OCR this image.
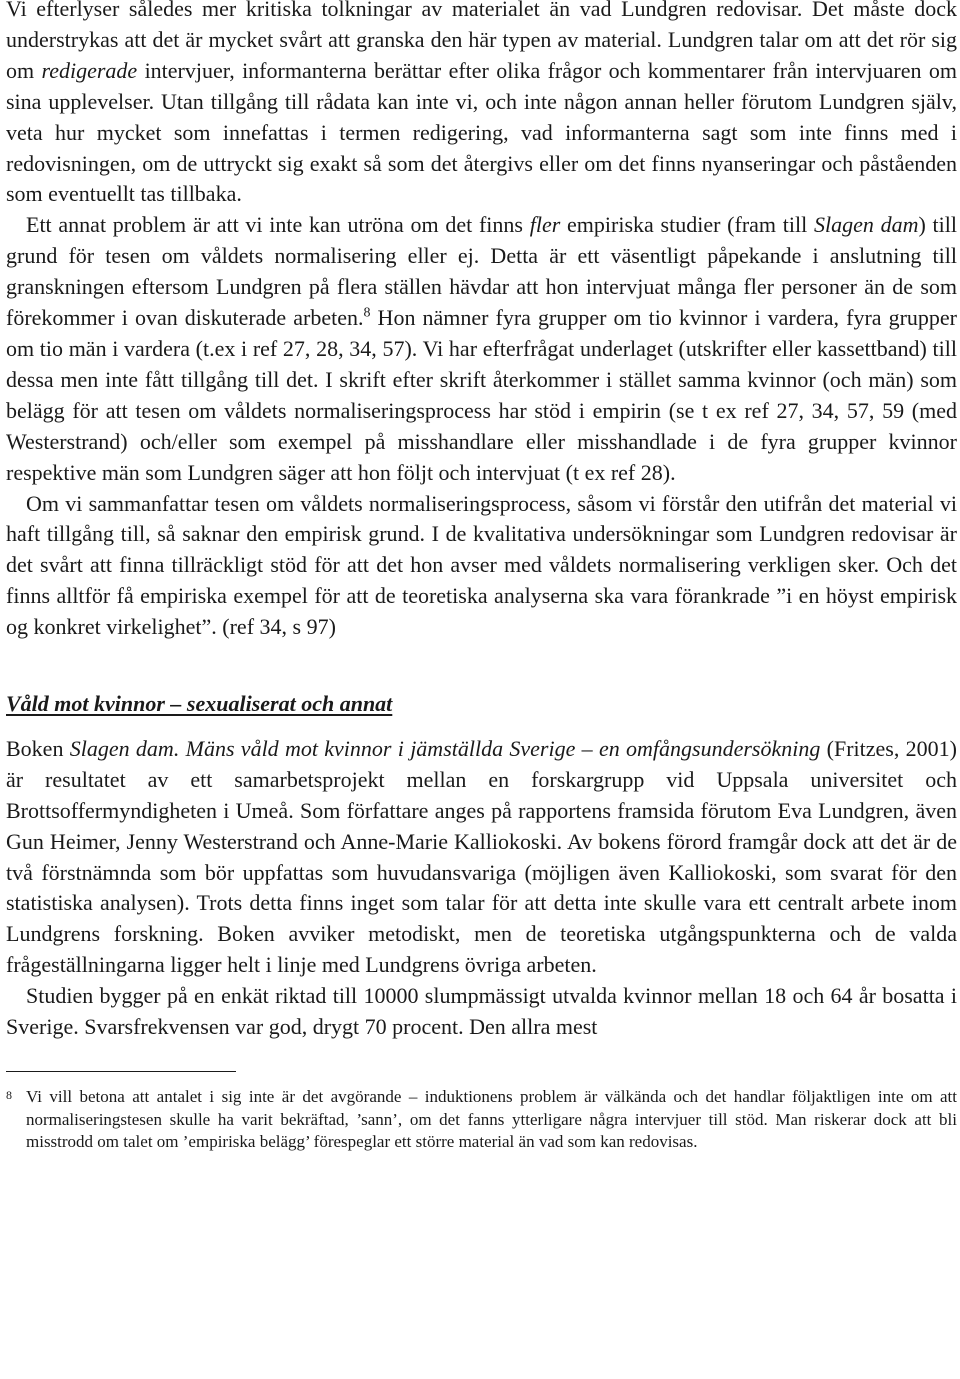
Vi efterlyser således mer kritiska tolkningar av materialet än vad Lundgren redovisar. Det måste dock understrykas att det är mycket svårt att granska den här typen av material. Lundgren talar om att det rör sig om redigerade intervjuer, informanterna berättar efter olika frågor och kommentarer från intervjuaren om sina upplevelser. Utan tillgång till rådata kan inte vi, och inte någon annan heller förutom Lundgren själv, veta hur mycket som innefattas i termen redigering, vad informanterna sagt som inte finns med i redovisningen, om de uttryckt sig exakt så som det återgivs eller om det finns nyanseringar och påståenden som eventuellt tas tillbaka.

Ett annat problem är att vi inte kan utröna om det finns fler empiriska studier (fram till Slagen dam) till grund för tesen om våldets normalisering eller ej. Detta är ett väsentligt påpekande i anslutning till granskningen eftersom Lundgren på flera ställen hävdar att hon intervjuat många fler personer än de som förekommer i ovan diskuterade arbeten.$^8$ Hon nämner fyra grupper om tio kvinnor i vardera, fyra grupper om tio män i vardera (t.ex i ref 27, 28, 34, 57). Vi har efterfrågat underlaget (utskrifter eller kassettband) till dessa men inte fått tillgång till det. I skrift efter skrift återkommer i stället samma kvinnor (och män) som belägg för att tesen om våldets normaliseringsprocess har stöd i empirin (se t ex ref 27, 34, 57, 59 (med Westerstrand) och/eller som exempel på misshandlare eller misshandlade i de fyra grupper kvinnor respektive män som Lundgren säger att hon följt och intervjuat (t ex ref 28).

Om vi sammanfattar tesen om våldets normaliseringsprocess, såsom vi förstår den utifrån det material vi haft tillgång till, så saknar den empirisk grund. I de kvalitativa undersökningar som Lundgren redovisar är det svårt att finna tillräckligt stöd för att det hon avser med våldets normalisering verkligen sker. Och det finns alltför få empiriska exempel för att de teoretiska analyserna ska vara förankrade ”i en höyst empirisk og konkret virkelighet”. (ref 34, s 97)

Våld mot kvinnor – sexualiserat och annat

Boken Slagen dam. Mäns våld mot kvinnor i jämställda Sverige – en omfångsundersökning (Fritzes, 2001) är resultatet av ett samarbetsprojekt mellan en forskargrupp vid Uppsala universitet och Brottsoffermyndigheten i Umeå. Som författare anges på rapportens framsida förutom Eva Lundgren, även Gun Heimer, Jenny Westerstrand och Anne-Marie Kalliokoski. Av bokens förord framgår dock att det är de två förstnämnda som bör uppfattas som huvudansvariga (möjligen även Kalliokoski, som svarat för den statistiska analysen). Trots detta finns inget som talar för att detta inte skulle vara ett centralt arbete inom Lundgrens forskning. Boken avviker metodiskt, men de teoretiska utgångspunkterna och de valda frågeställningarna ligger helt i linje med Lundgrens övriga arbeten.

Studien bygger på en enkät riktad till 10000 slumpmässigt utvalda kvinnor mellan 18 och 64 år bosatta i Sverige. Svarsfrekvensen var god, drygt 70 procent. Den allra mest

8 Vi vill betona att antalet i sig inte är det avgörande – induktionens problem är välkända och det handlar följaktligen inte om att normaliseringstesen skulle ha varit bekräftad, ’sann’, om det fanns ytterligare några intervjuer till stöd. Man riskerar dock att bli misstrodd om talet om ’empiriska belägg’ förespeglar ett större material än vad som kan redovisas.
